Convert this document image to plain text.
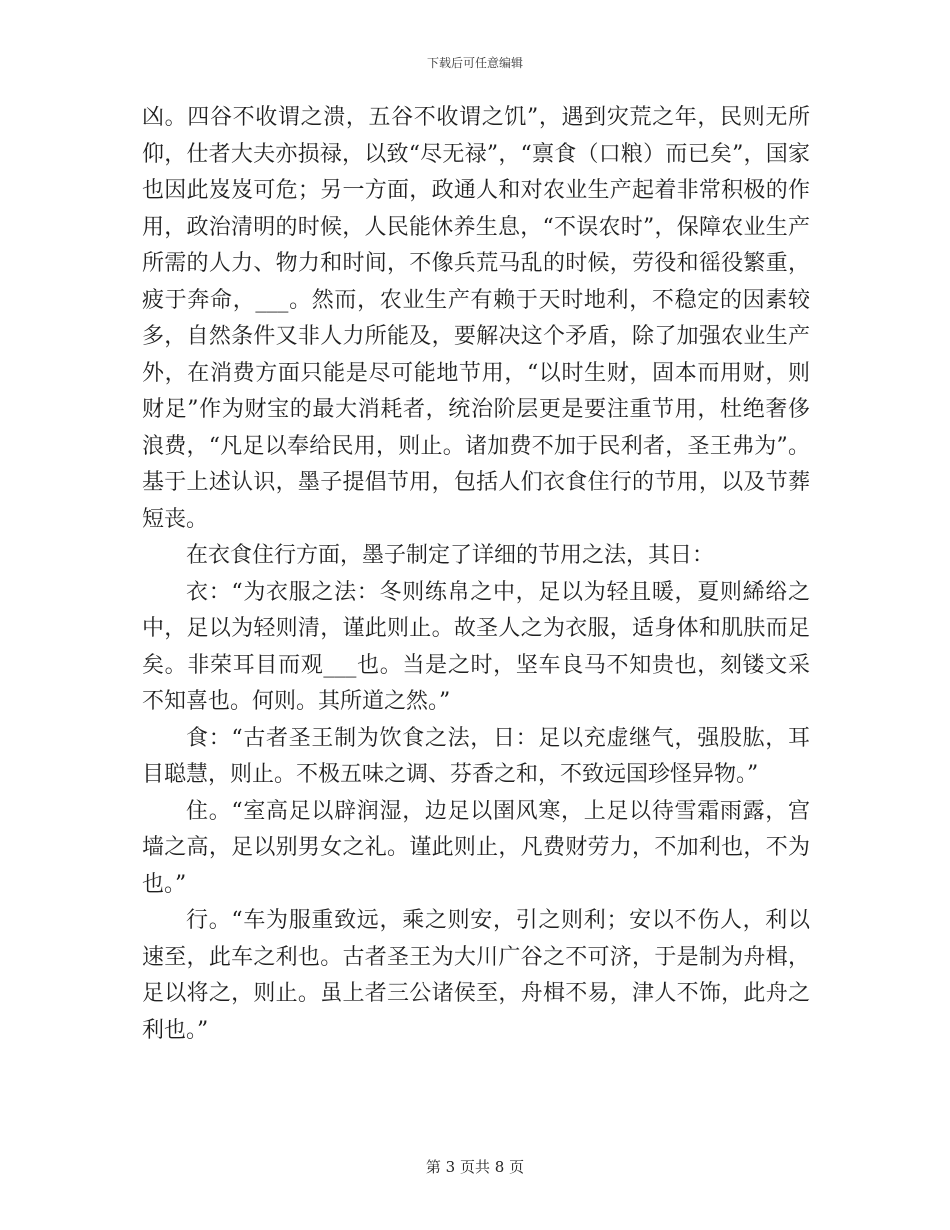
下载后可任意编辑

凶。四谷不收谓之溃，五谷不收谓之饥”，遇到灾荒之年，民则无所仰，仕者大夫亦损禄，以致“尽无禄”，“禀食（口粮）而已矣”，国家也因此岌岌可危；另一方面，政通人和对农业生产起着非常积极的作用，政治清明的时候，人民能休养生息，“不误农时”，保障农业生产所需的人力、物力和时间，不像兵荒马乱的时候，劳役和徭役繁重，疲于奔命，___。然而，农业生产有赖于天时地利，不稳定的因素较多，自然条件又非人力所能及，要解决这个矛盾，除了加强农业生产外，在消费方面只能是尽可能地节用，“以时生财，固本而用财，则财足”作为财宝的最大消耗者，统治阶层更是要注重节用，杜绝奢侈浪费，“凡足以奉给民用，则止。诸加费不加于民利者，圣王弗为”。基于上述认识，墨子提倡节用，包括人们衣食住行的节用，以及节葬短丧。

在衣食住行方面，墨子制定了详细的节用之法，其日：

衣：“为衣服之法：冬则练帛之中，足以为轻且暖，夏则絺绤之中，足以为轻则清，谨此则止。故圣人之为衣服，适身体和肌肤而足矣。非荣耳目而观___也。当是之时，坚车良马不知贵也，刻镂文采不知喜也。何则。其所道之然。”

食：“古者圣王制为饮食之法，日：足以充虚继气，强股肱，耳目聪慧，则止。不极五味之调、芬香之和，不致远国珍怪异物。”

住。“室高足以辟润湿，边足以圉风寒，上足以待雪霜雨露，宫墙之高，足以别男女之礼。谨此则止，凡费财劳力，不加利也，不为也。”

行。“车为服重致远，乘之则安，引之则利；安以不伤人，利以速至，此车之利也。古者圣王为大川广谷之不可济，于是制为舟楫，足以将之，则止。虽上者三公诸侯至，舟楫不易，津人不饰，此舟之利也。”

第 3 页共 8 页
